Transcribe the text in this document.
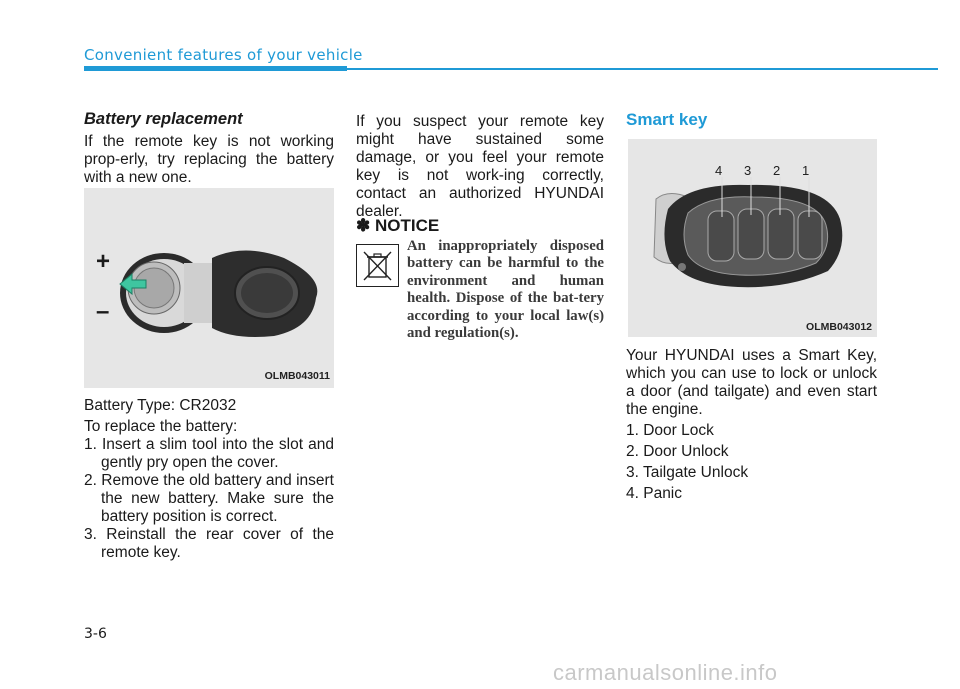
Convenient features of your vehicle
Battery replacement

If the remote key is not working prop-erly, try replacing the battery with a new one.

+
–
OLMB043011

Battery Type: CR2032

To replace the battery:

1. Insert a slim tool into the slot and gently pry open the cover.

2. Remove the old battery and insert the new battery. Make sure the battery position is correct.

3. Reinstall the rear cover of the remote key.

If you suspect your remote key might have sustained some damage, or you feel your remote key is not work-ing correctly, contact an authorized HYUNDAI dealer.

✽ NOTICE
An inappropriately disposed battery can be harmful to the environment and human health. Dispose of the bat-tery according to your local law(s) and regulation(s).
Smart key
4 3 2 1
OLMB043012

Your HYUNDAI uses a Smart Key, which you can use to lock or unlock a door (and tailgate) and even start the engine.

1. Door Lock

2. Door Unlock

3. Tailgate Unlock

4. Panic

3-6
carmanualsonline.info
